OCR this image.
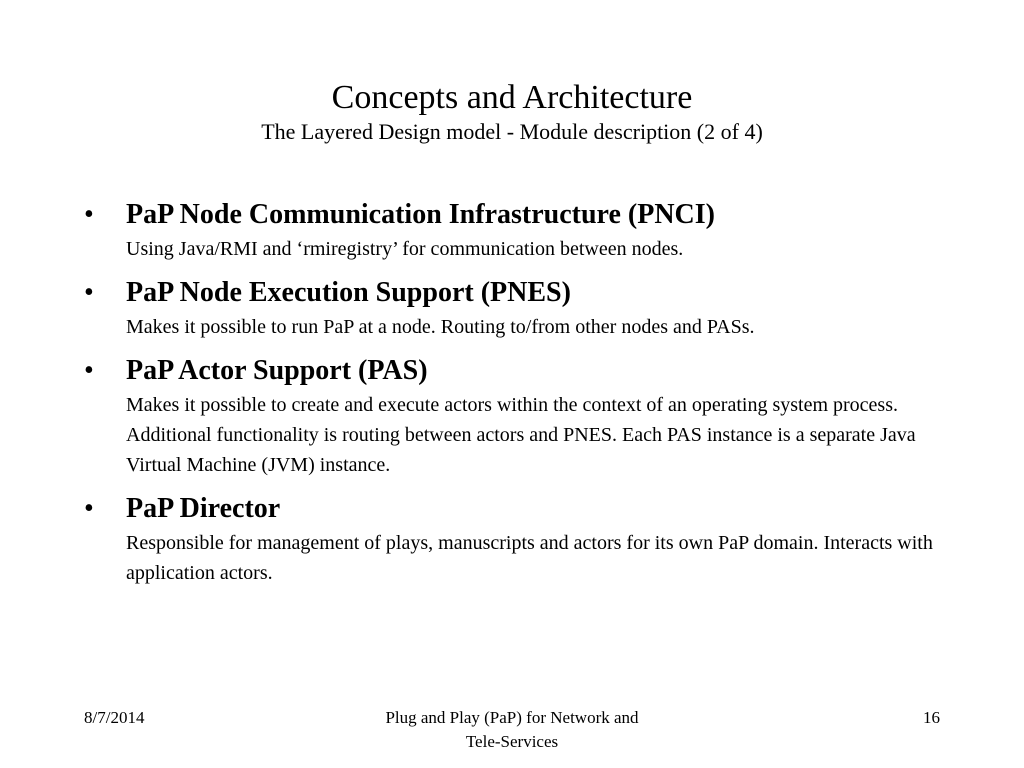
Concepts and Architecture
The Layered Design model - Module description (2 of 4)
•	PaP Node Communication Infrastructure (PNCI)
Using Java/RMI and ‘rmiregistry’ for communication between nodes.
•	PaP Node Execution Support (PNES)
Makes it possible to run PaP at a node. Routing to/from other nodes and PASs.
•	PaP Actor Support (PAS)
Makes it possible to create and execute actors within the context of an operating system process. Additional functionality is routing between actors and PNES. Each PAS instance is a separate Java Virtual Machine (JVM) instance.
•	PaP Director
Responsible for management of plays, manuscripts and actors for its own PaP domain. Interacts with application actors.
8/7/2014	Plug and Play (PaP) for Network and
Tele-Services
16
